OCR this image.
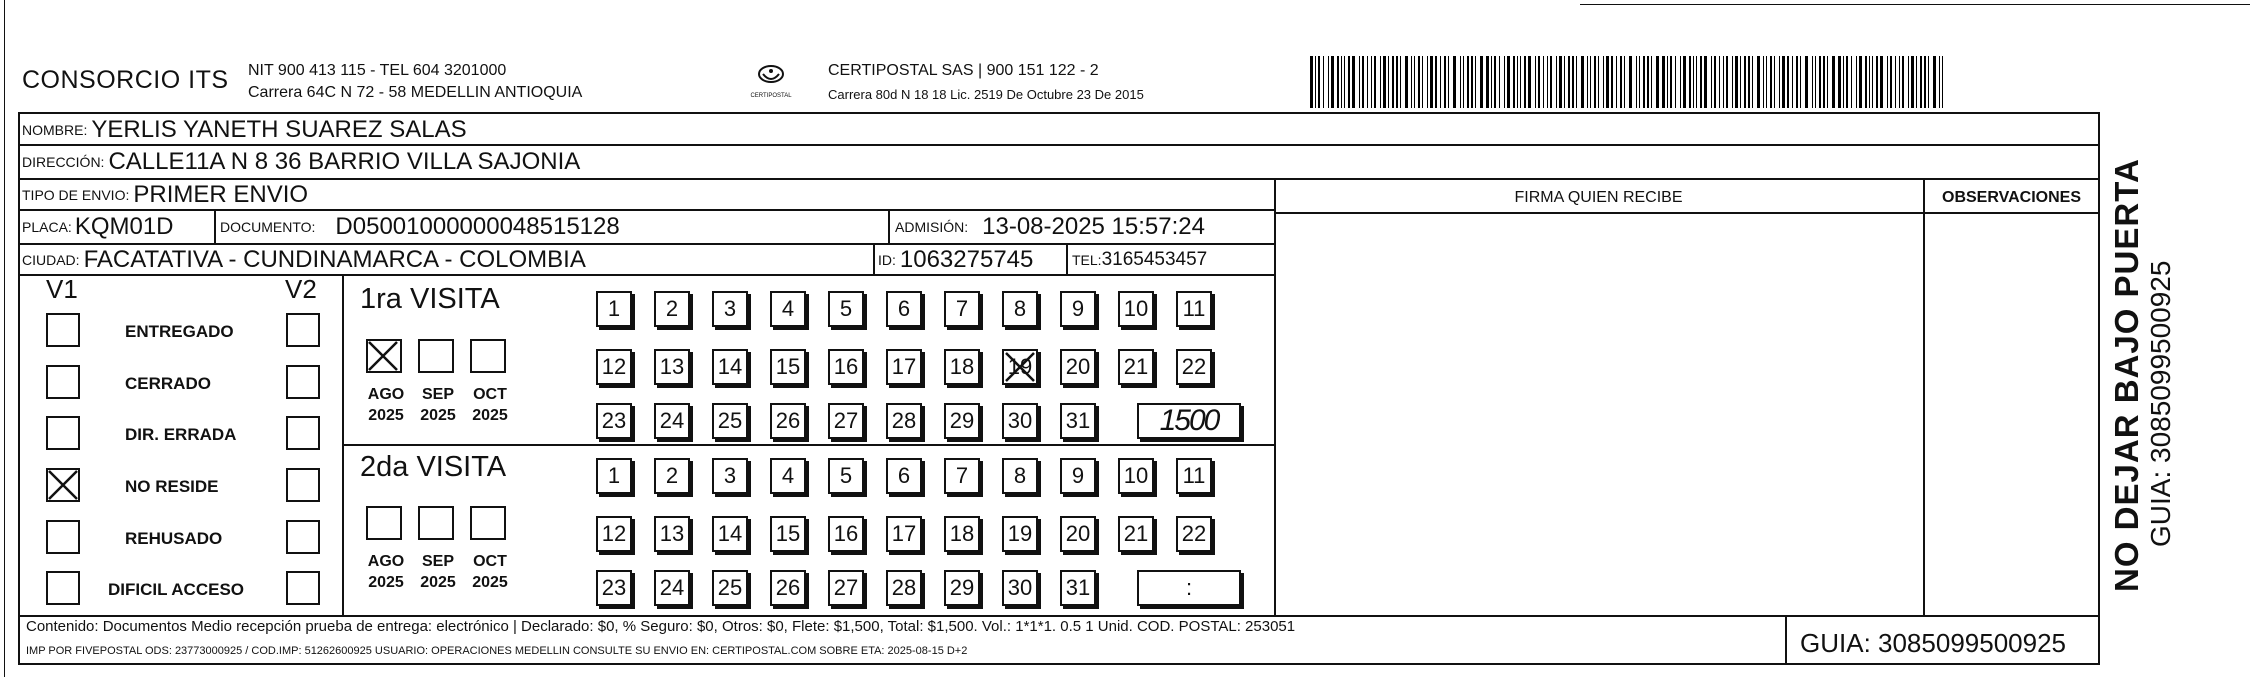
CONSORCIO ITS NIT 900 413 115 - TEL 604 3201000
Carrera 64C N 72 - 58 MEDELLIN ANTIOQUIA	CERTIPOSTAL
CERTIPOSTAL SAS | 900 151 122 - 2
Carrera 80d N 18 18 Lic. 2519 De Octubre 23 De 2015
NOMBRE: YERLIS YANETH SUAREZ SALAS
DIRECCIÓN: CALLE11A N 8 36 BARRIO VILLA SAJONIA
TIPO DE ENVIO: PRIMER ENVIO
PLACA: KQM01D	DOCUMENTO: D05001000000048515128	ADMISIÓN: 13-08-2025 15:57:24
CIUDAD: FACATATIVA - CUNDINAMARCA - COLOMBIA	ID: 1063275745	TEL: 3165453457
FIRMA QUIEN RECIBE	OBSERVACIONES
V1	V2 1ra VISITA
2da VISITA
Contenido: Documentos Medio recepción prueba de entrega: electrónico | Declarado: $0, % Seguro: $0, Otros: $0, Flete: $1,500, Total: $1,500. Vol.: 1*1*1. 0.5 1 Unid. COD. POSTAL: 253051
IMP POR FIVEPOSTAL ODS: 23773000925 / COD.IMP: 51262600925 USUARIO: OPERACIONES MEDELLIN CONSULTE SU ENVIO EN: CERTIPOSTAL.COM SOBRE ETA: 2025-08-15 D+2	GUIA: 3085099500925
NO DEJAR BAJO PUERTA GUIA: 3085099500925
ENTREGADO
CERRADO
DIR. ERRADA
NO RESIDE
REHUSADO
DIFICIL ACCESO
AGO
2025
SEP
2025
OCT
2025
1	2	3	4	5	6	7	8	9	10 11
12 13 14 15 16 17 18 19 20 21 22
23 24 25 26 27 28 29 30 31	1500
AGO
2025
SEP
2025
OCT
2025
1	2	3	4	5	6	7	8	9	10 11
12 13 14 15 16 17 18 19 20 21 22
23 24 25 26 27 28 29 30 31	:
